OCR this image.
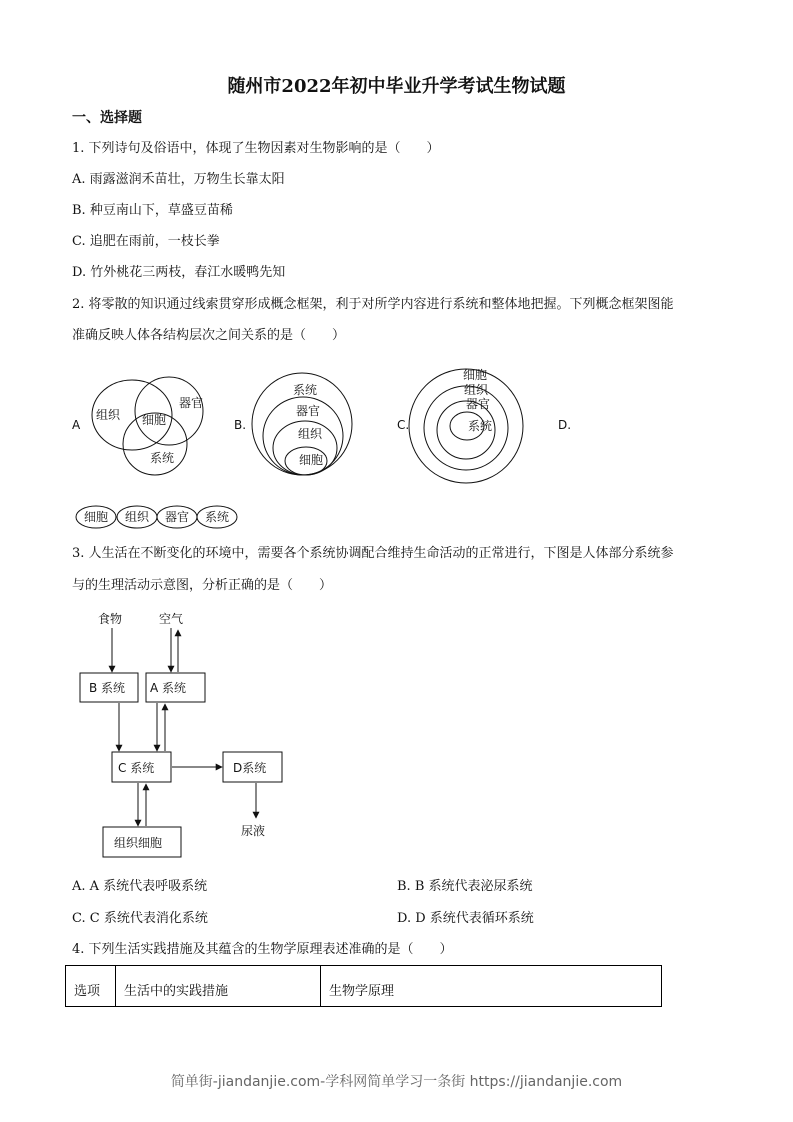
随州市2022年初中毕业升学考试生物试题
一、选择题
1. 下列诗句及俗语中，体现了生物因素对生物影响的是（　　）
A. 雨露滋润禾苗壮，万物生长靠太阳
B. 种豆南山下，草盛豆苗稀
C. 追肥在雨前，一枝长拳
D. 竹外桃花三两枝，春江水暖鸭先知
2. 将零散的知识通过线索贯穿形成概念框架，利于对所学内容进行系统和整体地把握。下列概念框架图能
准确反映人体各结构层次之间关系的是（　　）
A	B.	C.	D.
组织
器官
细胞
系统
系统
器官
组织
细胞
细胞
组织
器官
系统
细胞 组织 器官 系统
食物	空气
B 系统 A 系统
C 系统	D系统
组织细胞
尿液
3. 人生活在不断变化的环境中，需要各个系统协调配合维持生命活动的正常进行，下图是人体部分系统参
与的生理活动示意图，分析正确的是（　　）
A. A 系统代表呼吸系统	B. B 系统代表泌尿系统
C. C 系统代表消化系统	D. D 系统代表循环系统
4. 下列生活实践措施及其蕴含的生物学原理表述准确的是（　　）
选项	生活中的实践措施	生物学原理
简单街-jiandanjie.com-学科网简单学习一条街 https://jiandanjie.com
